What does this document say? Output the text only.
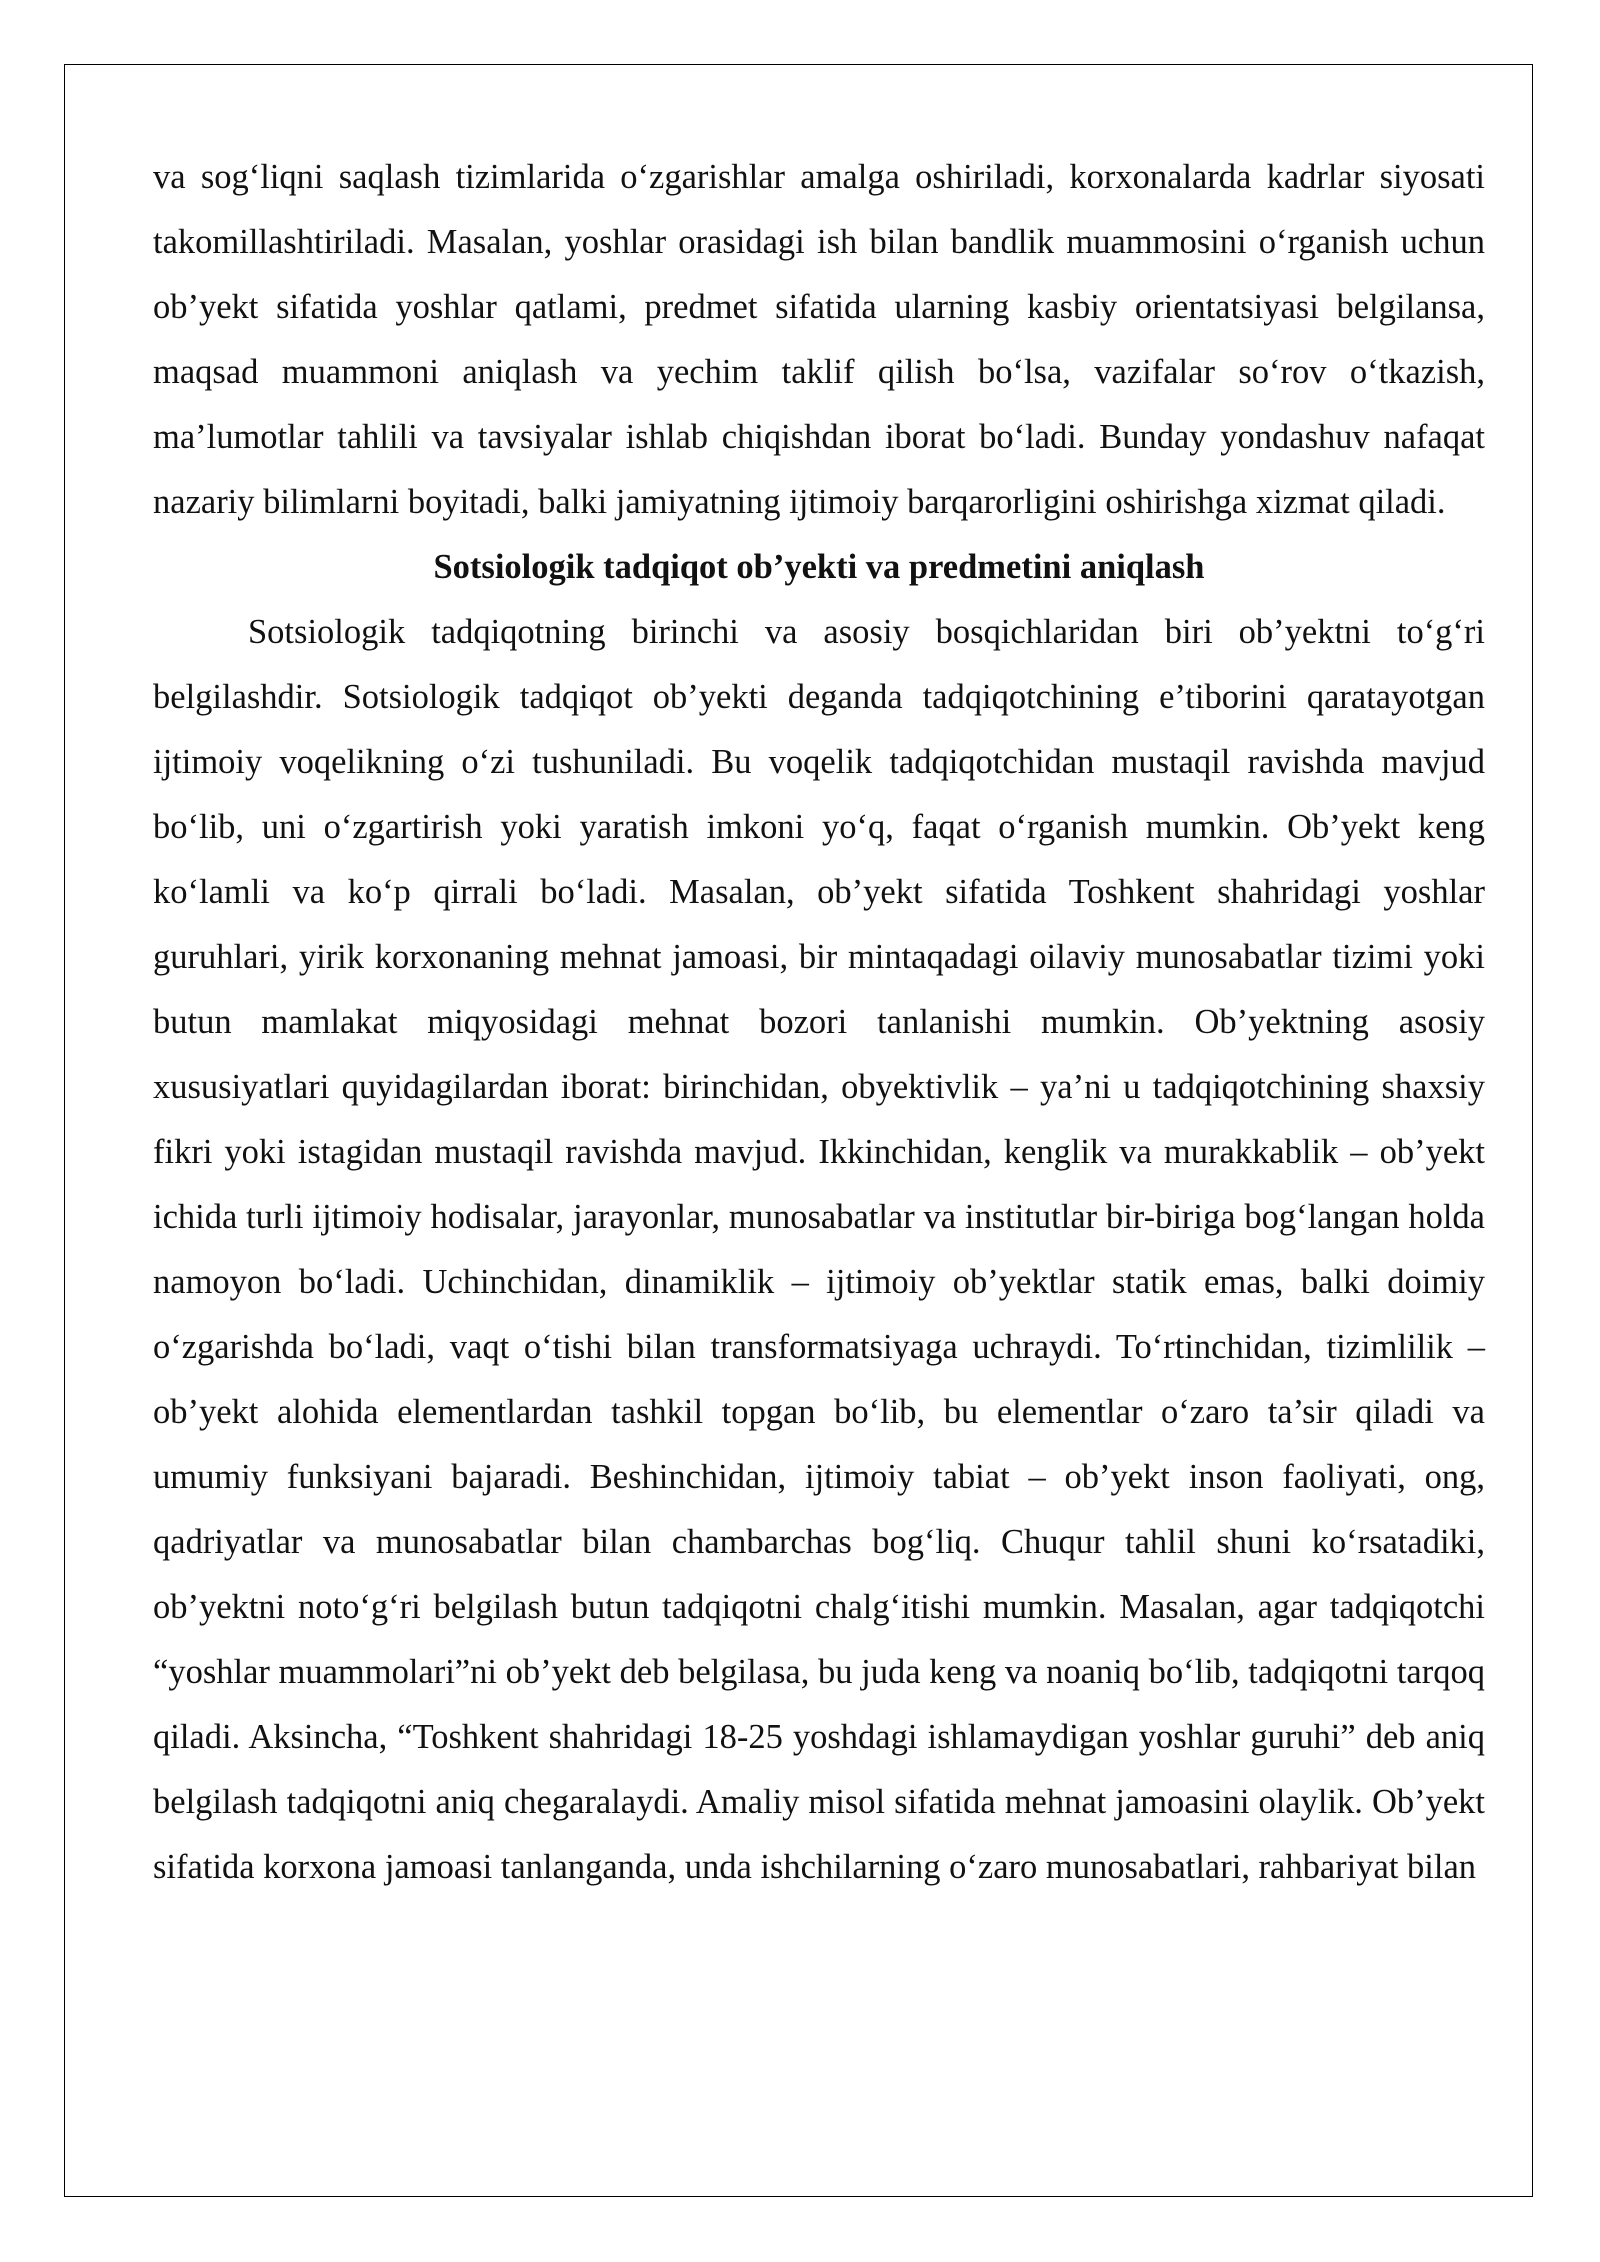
va sog‘liqni saqlash tizimlarida o‘zgarishlar amalga oshiriladi, korxonalarda kadrlar siyosati takomillashtiriladi. Masalan, yoshlar orasidagi ish bilan bandlik muammosini o‘rganish uchun ob’yekt sifatida yoshlar qatlami, predmet sifatida ularning kasbiy orientatsiyasi belgilansa, maqsad muammoni aniqlash va yechim taklif qilish bo‘lsa, vazifalar so‘rov o‘tkazish, ma’lumotlar tahlili va tavsiyalar ishlab chiqishdan iborat bo‘ladi. Bunday yondashuv nafaqat nazariy bilimlarni boyitadi, balki jamiyatning ijtimoiy barqarorligini oshirishga xizmat qiladi.

Sotsiologik tadqiqot ob’yekti va predmetini aniqlash

Sotsiologik tadqiqotning birinchi va asosiy bosqichlaridan biri ob’yektni to‘g‘ri belgilashdir. Sotsiologik tadqiqot ob’yekti deganda tadqiqotchining e’tiborini qaratayotgan ijtimoiy voqelikning o‘zi tushuniladi. Bu voqelik tadqiqotchidan mustaqil ravishda mavjud bo‘lib, uni o‘zgartirish yoki yaratish imkoni yo‘q, faqat o‘rganish mumkin. Ob’yekt keng ko‘lamli va ko‘p qirrali bo‘ladi. Masalan, ob’yekt sifatida Toshkent shahridagi yoshlar guruhlari, yirik korxonaning mehnat jamoasi, bir mintaqadagi oilaviy munosabatlar tizimi yoki butun mamlakat miqyosidagi mehnat bozori tanlanishi mumkin. Ob’yektning asosiy xususiyatlari quyidagilardan iborat: birinchidan, obyektivlik – ya’ni u tadqiqotchining shaxsiy fikri yoki istagidan mustaqil ravishda mavjud. Ikkinchidan, kenglik va murakkablik – ob’yekt ichida turli ijtimoiy hodisalar, jarayonlar, munosabatlar va institutlar bir-biriga bog‘langan holda namoyon bo‘ladi. Uchinchidan, dinamiklik – ijtimoiy ob’yektlar statik emas, balki doimiy o‘zgarishda bo‘ladi, vaqt o‘tishi bilan transformatsiyaga uchraydi. To‘rtinchidan, tizimlilik – ob’yekt alohida elementlardan tashkil topgan bo‘lib, bu elementlar o‘zaro ta’sir qiladi va umumiy funksiyani bajaradi. Beshinchidan, ijtimoiy tabiat – ob’yekt inson faoliyati, ong, qadriyatlar va munosabatlar bilan chambarchas bog‘liq. Chuqur tahlil shuni ko‘rsatadiki, ob’yektni noto‘g‘ri belgilash butun tadqiqotni chalg‘itishi mumkin. Masalan, agar tadqiqotchi “yoshlar muammolari”ni ob’yekt deb belgilasa, bu juda keng va noaniq bo‘lib, tadqiqotni tarqoq qiladi. Aksincha, “Toshkent shahridagi 18-25 yoshdagi ishlamaydigan yoshlar guruhi” deb aniq belgilash tadqiqotni aniq chegaralaydi. Amaliy misol sifatida mehnat jamoasini olaylik. Ob’yekt sifatida korxona jamoasi tanlanganda, unda ishchilarning o‘zaro munosabatlari, rahbariyat bilan
